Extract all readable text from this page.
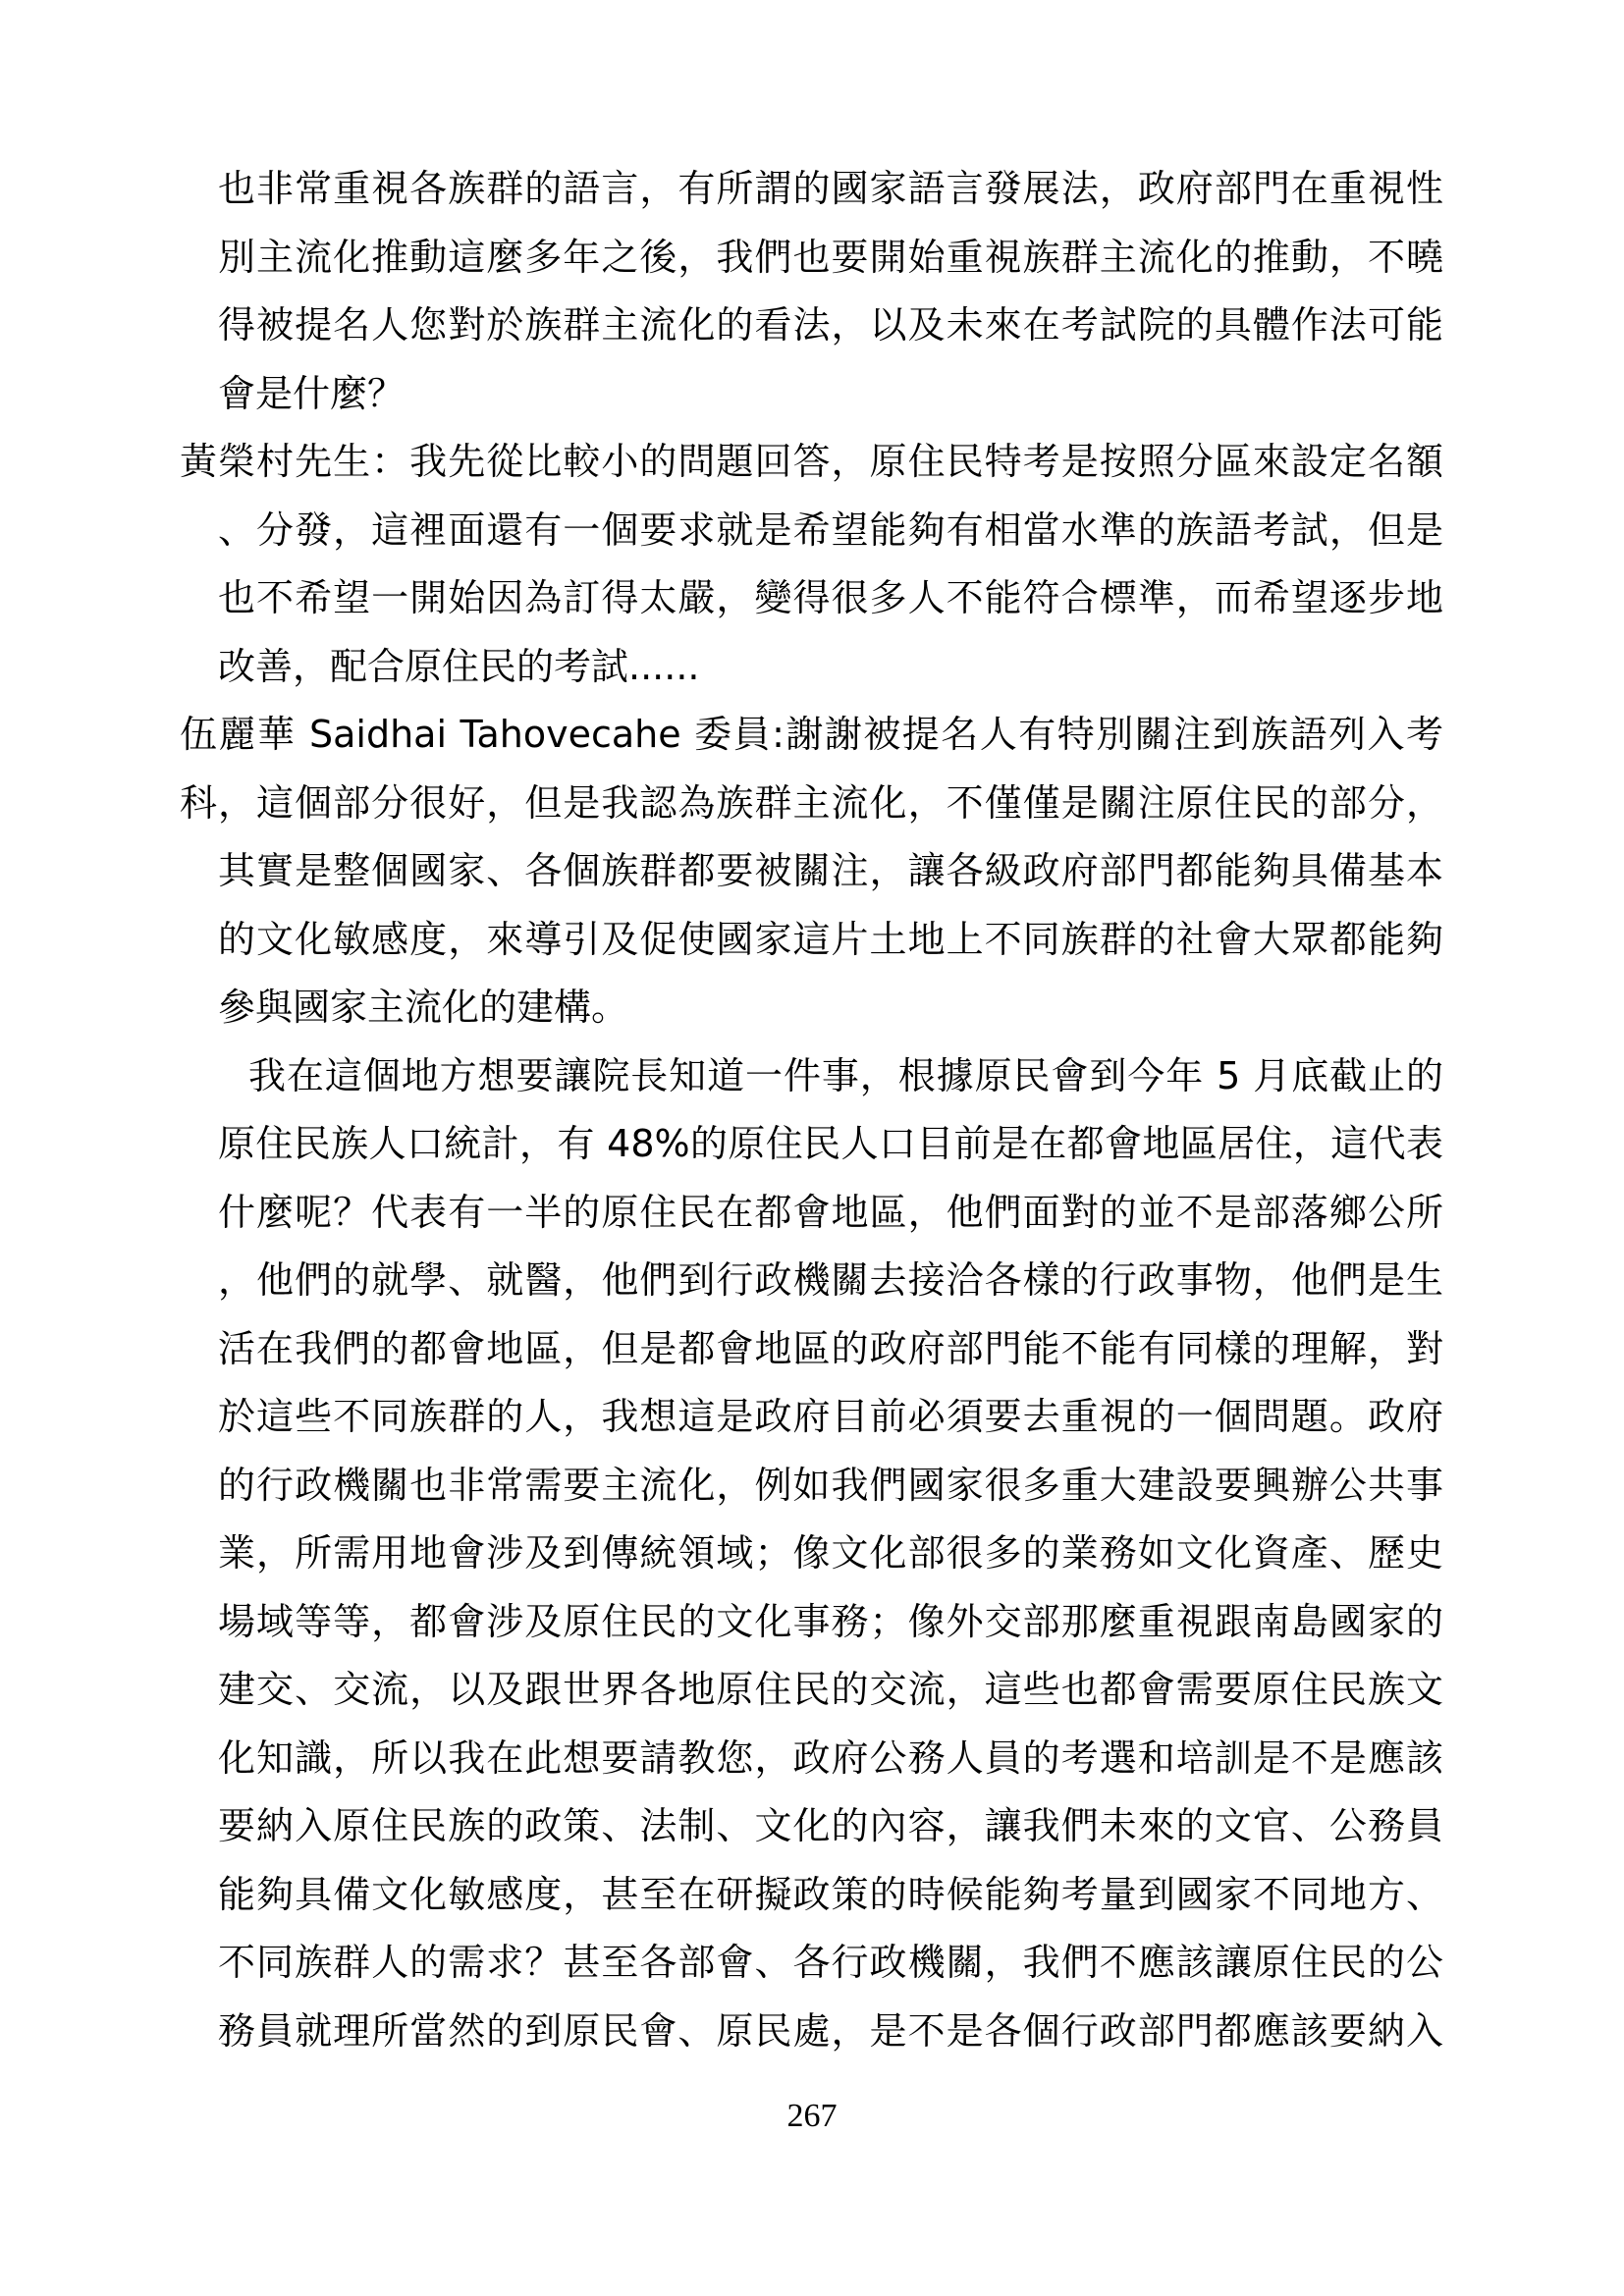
也非常重視各族群的語言，有所謂的國家語言發展法，政府部門在重視性
別主流化推動這麼多年之後，我們也要開始重視族群主流化的推動，不曉
得被提名人您對於族群主流化的看法，以及未來在考試院的具體作法可能
會是什麼？
黃榮村先生：我先從比較小的問題回答，原住民特考是按照分區來設定名額
、分發，這裡面還有一個要求就是希望能夠有相當水準的族語考試，但是
也不希望一開始因為訂得太嚴，變得很多人不能符合標準，而希望逐步地
改善，配合原住民的考試......
伍麗華 Saidhai Tahovecahe 委員:謝謝被提名人有特別關注到族語列入考科 ，這個部分很好，但是我認為族群主流化，不僅僅是關注原住民的部分，
其實是整個國家、各個族群都要被關注，讓各級政府部門都能夠具備基本
的文化敏感度，來導引及促使國家這片土地上不同族群的社會大眾都能夠
參與國家主流化的建構。
我在這個地方想要讓院長知道一件事，根據原民會到今年 5 月底截止的
原住民族人口統計，有 48%的原住民人口目前是在都會地區居住，這代表
什麼呢？代表有一半的原住民在都會地區，他們面對的並不是部落鄉公所
，他們的就學、就醫，他們到行政機關去接洽各樣的行政事物，他們是生
活在我們的都會地區，但是都會地區的政府部門能不能有同樣的理解，對
於這些不同族群的人，我想這是政府目前必須要去重視的一個問題。政府
的行政機關也非常需要主流化，例如我們國家很多重大建設要興辦公共事
業，所需用地會涉及到傳統領域；像文化部很多的業務如文化資產、歷史
場域等等，都會涉及原住民的文化事務；像外交部那麼重視跟南島國家的
建交、交流，以及跟世界各地原住民的交流，這些也都會需要原住民族文
化知識，所以我在此想要請教您，政府公務人員的考選和培訓是不是應該
要納入原住民族的政策、法制、文化的內容，讓我們未來的文官、公務員
能夠具備文化敏感度，甚至在研擬政策的時候能夠考量到國家不同地方、
不同族群人的需求？甚至各部會、各行政機關，我們不應該讓原住民的公
務員就理所當然的到原民會、原民處，是不是各個行政部門都應該要納入
267
